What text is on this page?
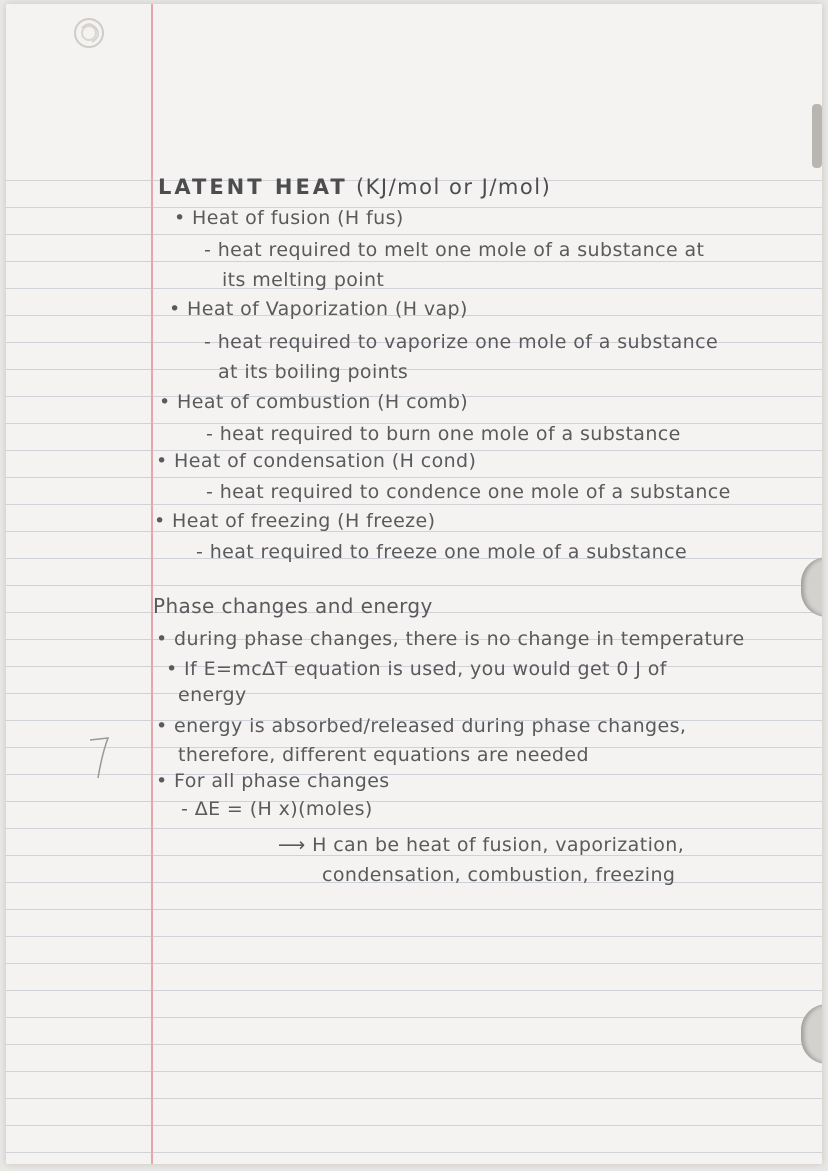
LATENT HEAT (KJ/mol or J/mol)
• Heat of fusion (H fus)
- heat required to melt one mole of a substance at
its melting point
• Heat of Vaporization (H vap)
- heat required to vaporize one mole of a substance
at its boiling points
• Heat of combustion (H comb)
- heat required to burn one mole of a substance
• Heat of condensation (H cond)
- heat required to condence one mole of a substance
• Heat of freezing (H freeze)
- heat required to freeze one mole of a substance
Phase changes and energy
• during phase changes, there is no change in temperature
• If E=mcΔT equation is used, you would get 0 J of
energy
• energy is absorbed/released during phase changes,
therefore, different equations are needed
• For all phase changes
- ΔE = (H x)(moles)
⟶ H can be heat of fusion, vaporization,
condensation, combustion, freezing
